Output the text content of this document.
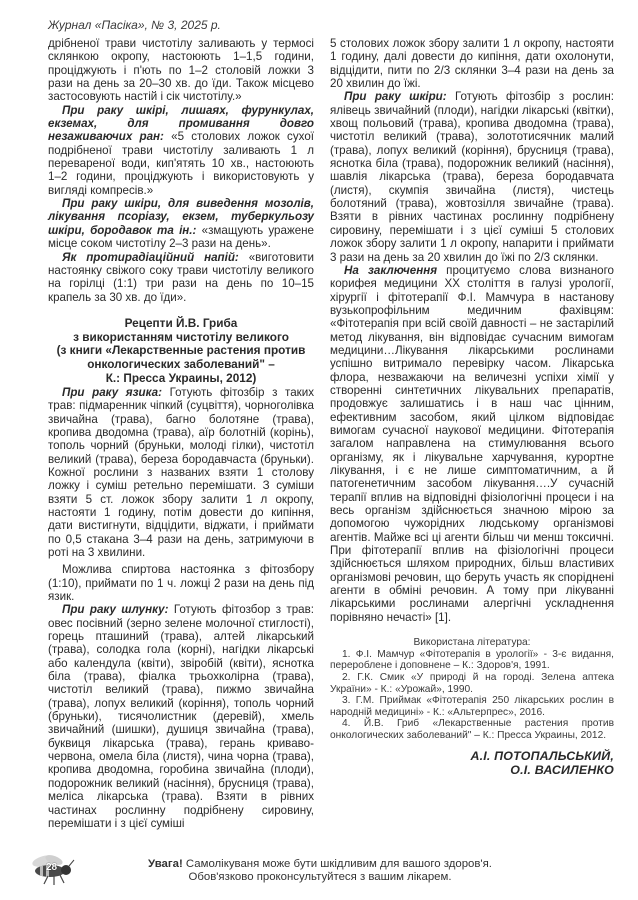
Журнал «Пасіка», № 3, 2025 р.

дрібненої трави чистотілу заливають у термосі склянкою окропу, настоюють 1–1,5 години, проціджують і п'ють по 1–2 столовій ложки 3 рази на день за 20–30 хв. до їди. Також місцево застосовують настій і сік чистотілу.»

При раку шкірі, лишаях, фурункулах, екземах, для промивання довго незаживаючих ран: «5 столових ложок сухої подрібненої трави чистотілу заливають 1 л переваренoї води, кип'ятять 10 хв., настоюють 1–2 години, проціджують і використовують у вигляді компресів.»

При раку шкіри, для виведення мозолів, лікування псоріазу, екзем, туберкульозу шкіри, бородавок та ін.: «змащують уражене місце соком чистотілу 2–3 рази на день».

Як протирадіаційний напій: «виготовити настоянку свіжого соку трави чистотілу великого на горілці (1:1) три рази на день по 10–15 крапель за 30 хв. до їди».

Рецепти Й.В. Гриба
з використанням чистотілу великого
(з книги «Лекарственные растения против онкологических заболеваний" –
К.: Пресса Украины, 2012)

При раку язика: Готують фітозбір з таких трав: підмаренник чіпкий (суцвіття), чорноголівка звичайна (трава), багно болотяне (трава), кропива дводомна (трава), аїр болотній (корінь), тополь чорний (бруньки, молоді гілки), чистотіл великий (трава), береза бородавчаста (бруньки). Кожної рослини з названих взяти 1 столову ложку і суміш ретельно перемішати. З суміши взяти 5 ст. ложок збору залити 1 л окропу, настояти 1 годину, потім довести до кипіння, дати вистигнути, відцідити, віджати, і приймати по 0,5 стакана 3–4 рази на день, затримуючи в роті на 3 хвилини.

Можлива спиртова настоянка з фітозбору (1:10), приймати по 1 ч. ложці 2 рази на день під язик.

При раку шлунку: Готують фітозбор з трав: овес посівний (зерно зелене молочної стиглості), горець пташиний (трава), алтей лікарський (трава), солодка гола (корні), нагідки лікарські або календула (квіти), звіробій (квіти), яснотка біла (трава), фіалка трьохколірна (трава), чистотіл великий (трава), пижмо звичайна (трава), лопух великий (коріння), тополь чорний (бруньки), тисячолистник (деревій), хмель звичайний (шишки), душиця звичайна (трава), буквиця лікарська (трава), герань криваво-червона, омела біла (листя), чина чорна (трава), кропива дводомна, горобина звичайна (плоди), подорожник великий (насіння), брусниця (трава), меліса лікарська (трава). Взяти в рівних частинах рослинну подрібнену сировину, перемішати і з цієї суміші

5 столових ложок збору залити 1 л окропу, настояти 1 годину, далі довести до кипіння, дати охолонути, відцідити, пити по 2/3 склянки 3–4 рази на день за 20 хвилин до їжі.

При раку шкіри: Готують фітозбір з рослин: ялівець звичайний (плоди), нагідки лікарські (квітки), хвощ польовий (трава), кропива дводомна (трава), чистотіл великий (трава), золототисячник малий (трава), лопух великий (коріння), брусниця (трава), яснотка біла (трава), подорожник великий (насіння), шавлія лікарська (трава), береза бородавчата (листя), скумпія звичайна (листя), чистець болотяний (трава), жовтозілля звичайне (трава). Взяти в рівних частинах рослинну подрібнену сировину, перемішати і з цієї суміші 5 столових ложок збору залити 1 л окропу, напарити і приймати 3 рази на день за 20 хвилин до їжі по 2/3 склянки.

На заключення процитуємо слова визнаного корифея медицини XX століття в галузі урології, хірургії і фітотерапії Ф.І. Мамчура в настанову вузькопрофільним медичним фахівцям: «Фітотерапія при всій своїй давності – не застарілий метод лікування, він відповідає сучасним вимогам медицини…Лікування лікарськими рослинами успішно витримало перевірку часом. Лікарська флора, незважаючи на величезні успіхи хімії у створенні синтетичних лікувальних препаратів, продовжує залишатись і в наш час цінним, ефективним засобом, який цілком відповідає вимогам сучасної наукової медицини. Фітотерапія загалом направлена на стимулювання всього організму, як і лікувальне харчування, курортне лікування, і є не лише симптоматичним, а й патогенетичним засобом лікування….У сучасній терапії вплив на відповідні фізіологічні процеси і на весь організм здійснюється значною мірою за допомогою чужорідних людському організмові агентів. Майже всі ці агенти більш чи менш токсичні. При фітотерапії вплив на фізіологічні процеси здійснюється шляхом природних, більш властивих організмові речовин, що беруть участь як споріднені агенти в обміні речовин. А тому при лікуванні лікарськими рослинами алергічні ускладнення порівняно нечасті» [1].

Використана література:

1. Ф.І. Мамчур «Фітотерапія в урології» - 3-є видання, перероблене і доповнене – К.: Здоров'я, 1991.

2. Г.К. Смик «У природі й на городі. Зелена аптека України» - К.: «Урожай», 1990.

3. Г.М. Приймак «Фітотерапія 250 лікарських рослин в народній медицині» - К.: «Альтерпрес», 2016.

4. Й.В. Гриб «Лекарственные растения против онкологических заболеваний" – К.: Пресса Украины, 2012.

А.І. ПОТОПАЛЬСЬКИЙ,
О.І. ВАСИЛЕНКО
28	Увага! Самолікуваня може бути шкідливим для вашого здоров'я.
Обов'язково проконсультуйтеся з вашим лікарем.
